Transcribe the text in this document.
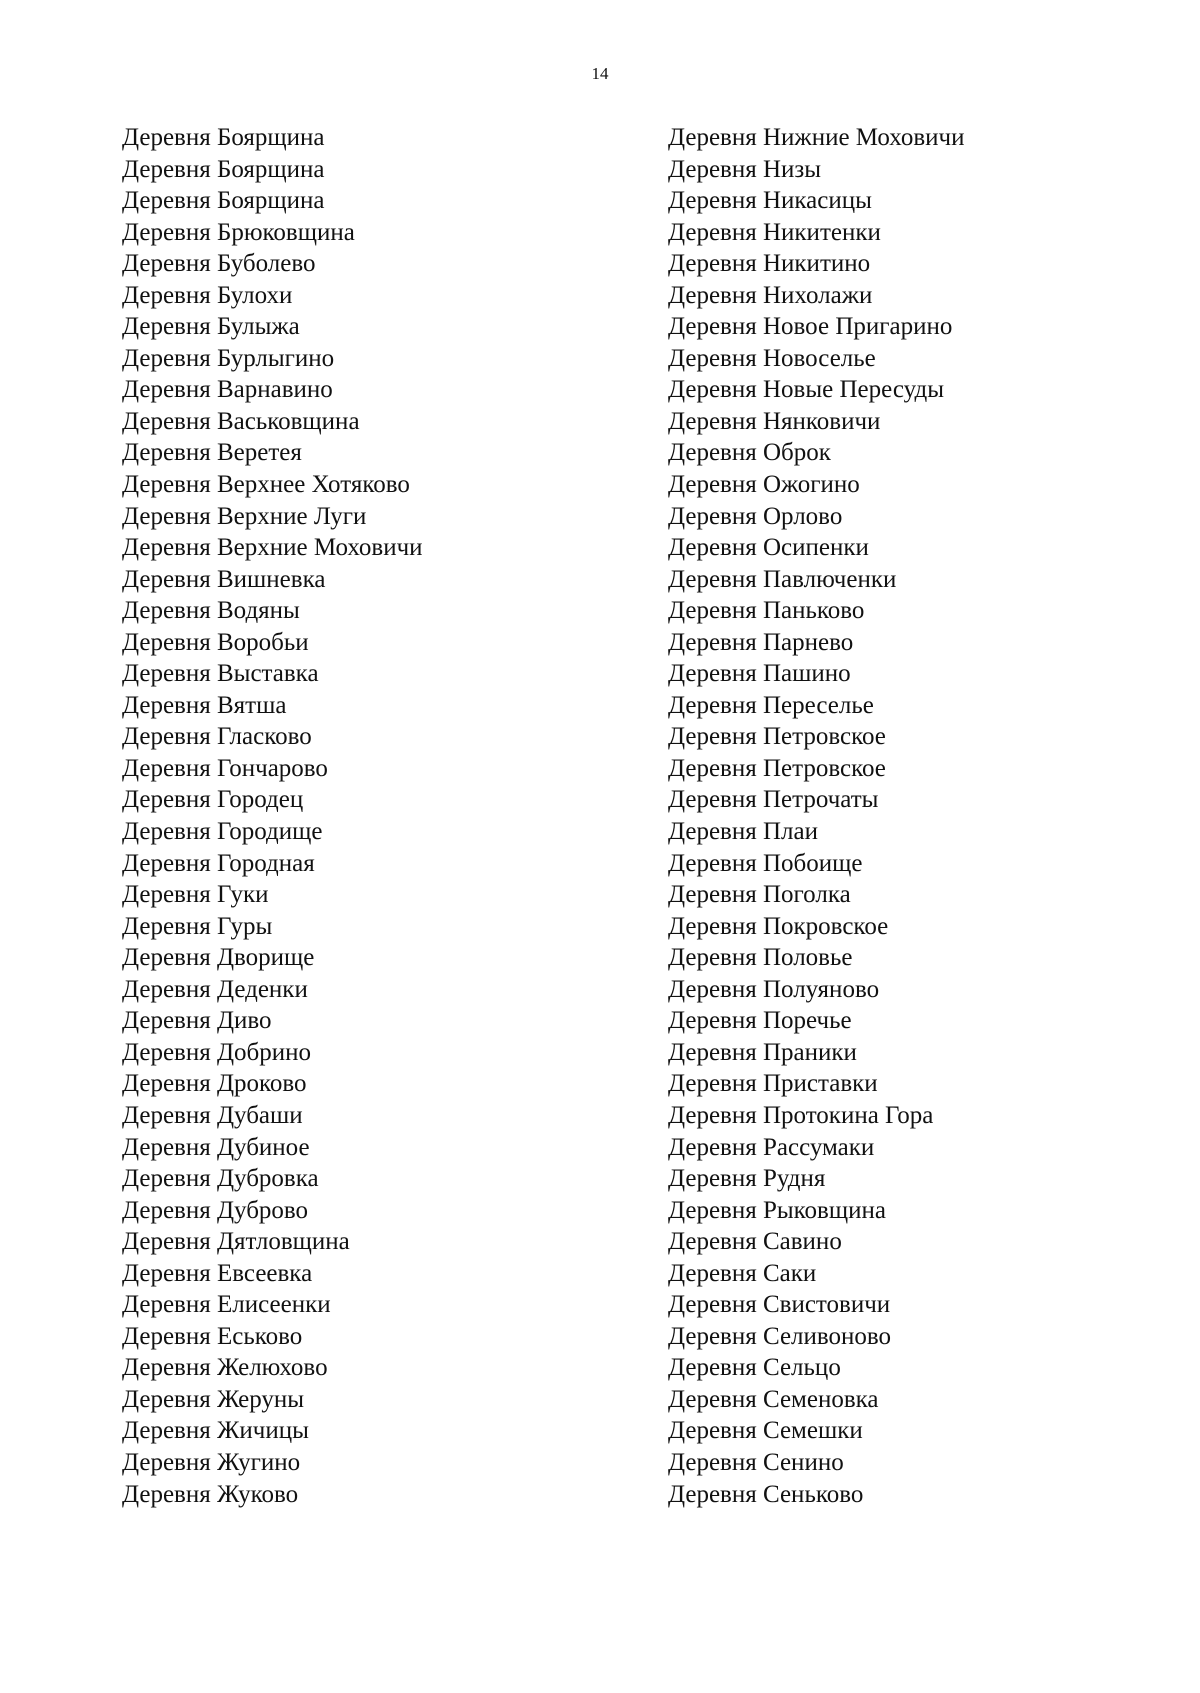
14
Деревня Боярщина
Деревня Боярщина
Деревня Боярщина
Деревня Брюковщина
Деревня Буболево
Деревня Булохи
Деревня Булыжа
Деревня Бурлыгино
Деревня Варнавино
Деревня Васьковщина
Деревня Веретея
Деревня Верхнее Хотяково
Деревня Верхние Луги
Деревня Верхние Моховичи
Деревня Вишневка
Деревня Водяны
Деревня Воробьи
Деревня Выставка
Деревня Вятша
Деревня Гласково
Деревня Гончарово
Деревня Городец
Деревня Городище
Деревня Городная
Деревня Гуки
Деревня Гуры
Деревня Дворище
Деревня Деденки
Деревня Диво
Деревня Добрино
Деревня Дроково
Деревня Дубаши
Деревня Дубиное
Деревня Дубровка
Деревня Дуброво
Деревня Дятловщина
Деревня Евсеевка
Деревня Елисеенки
Деревня Еськово
Деревня Желюхово
Деревня Жеруны
Деревня Жичицы
Деревня Жугино
Деревня Жуково
Деревня Нижние Моховичи
Деревня Низы
Деревня Никасицы
Деревня Никитенки
Деревня Никитино
Деревня Нихолажи
Деревня Новое Пригарино
Деревня Новоселье
Деревня Новые Пересуды
Деревня Нянковичи
Деревня Оброк
Деревня Ожогино
Деревня Орлово
Деревня Осипенки
Деревня Павлюченки
Деревня Паньково
Деревня Парнево
Деревня Пашино
Деревня Переселье
Деревня Петровское
Деревня Петровское
Деревня Петрочаты
Деревня Плаи
Деревня Побоище
Деревня Поголка
Деревня Покровское
Деревня Половье
Деревня Полуяново
Деревня Поречье
Деревня Праники
Деревня Приставки
Деревня Протокина Гора
Деревня Рассумаки
Деревня Рудня
Деревня Рыковщина
Деревня Савино
Деревня Саки
Деревня Свистовичи
Деревня Селивоново
Деревня Сельцо
Деревня Семеновка
Деревня Семешки
Деревня Сенино
Деревня Сеньково
